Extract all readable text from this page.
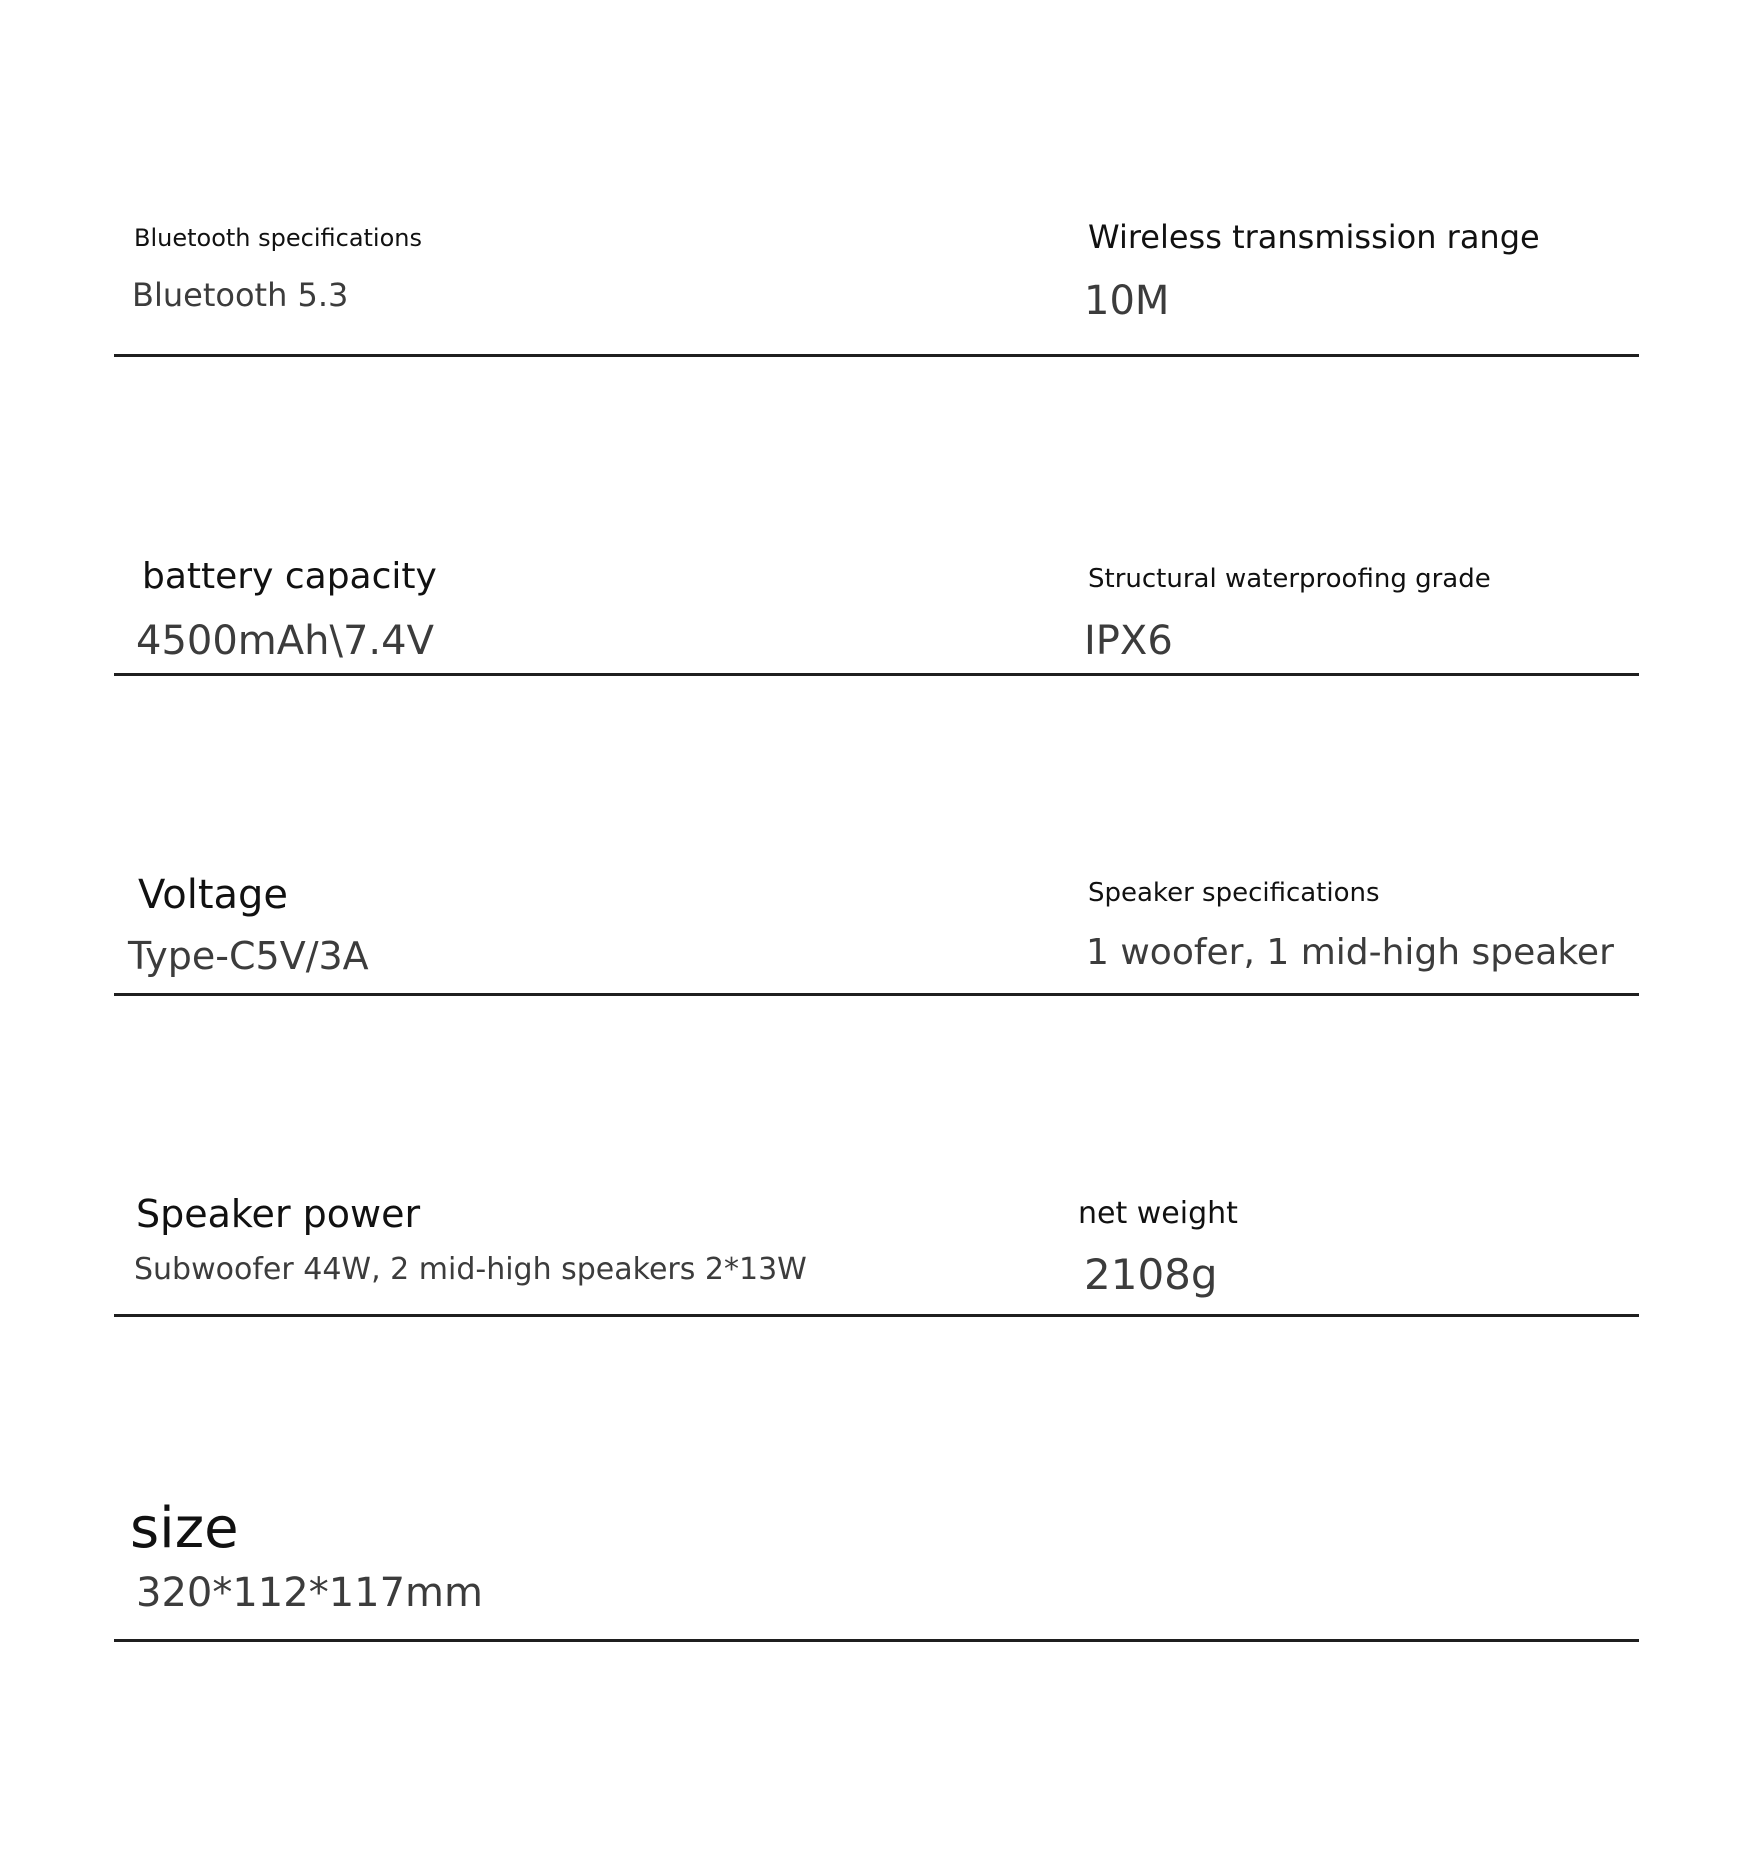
Bluetooth specifications
Bluetooth 5.3
Wireless transmission range
10M
battery capacity
4500mAh\7.4V
Structural waterproofing grade
IPX6
Voltage
Type-C5V/3A
Speaker specifications
1 woofer, 1 mid-high speaker
Speaker power
Subwoofer 44W, 2 mid-high speakers 2*13W
net weight
2108g
size
320*112*117mm
